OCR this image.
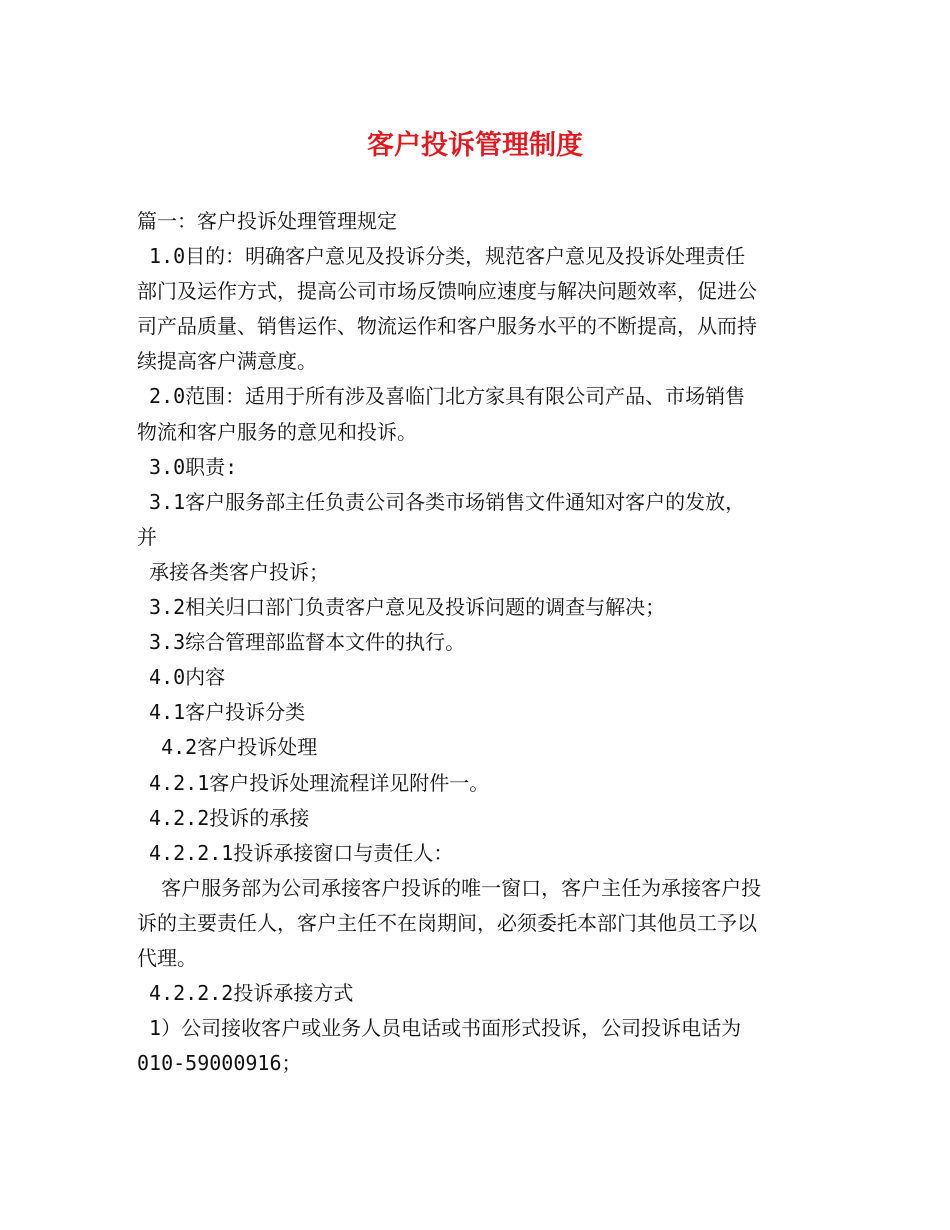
客户投诉管理制度

篇一：客户投诉处理管理规定

1.0目的：明确客户意见及投诉分类，规范客户意见及投诉处理责任

部门及运作方式，提高公司市场反馈响应速度与解决问题效率，促进公

司产品质量、销售运作、物流运作和客户服务水平的不断提高，从而持

续提高客户满意度。

2.0范围：适用于所有涉及喜临门北方家具有限公司产品、市场销售

物流和客户服务的意见和投诉。

3.0职责:

3.1客户服务部主任负责公司各类市场销售文件通知对客户的发放，

并

承接各类客户投诉；

3.2相关归口部门负责客户意见及投诉问题的调查与解决；

3.3综合管理部监督本文件的执行。

4.0内容

4.1客户投诉分类

4.2客户投诉处理

4.2.1客户投诉处理流程详见附件一。

4.2.2投诉的承接

4.2.2.1投诉承接窗口与责任人：

客户服务部为公司承接客户投诉的唯一窗口，客户主任为承接客户投

诉的主要责任人，客户主任不在岗期间，必须委托本部门其他员工予以

代理。

4.2.2.2投诉承接方式

1）公司接收客户或业务人员电话或书面形式投诉，公司投诉电话为

010-59000916；
